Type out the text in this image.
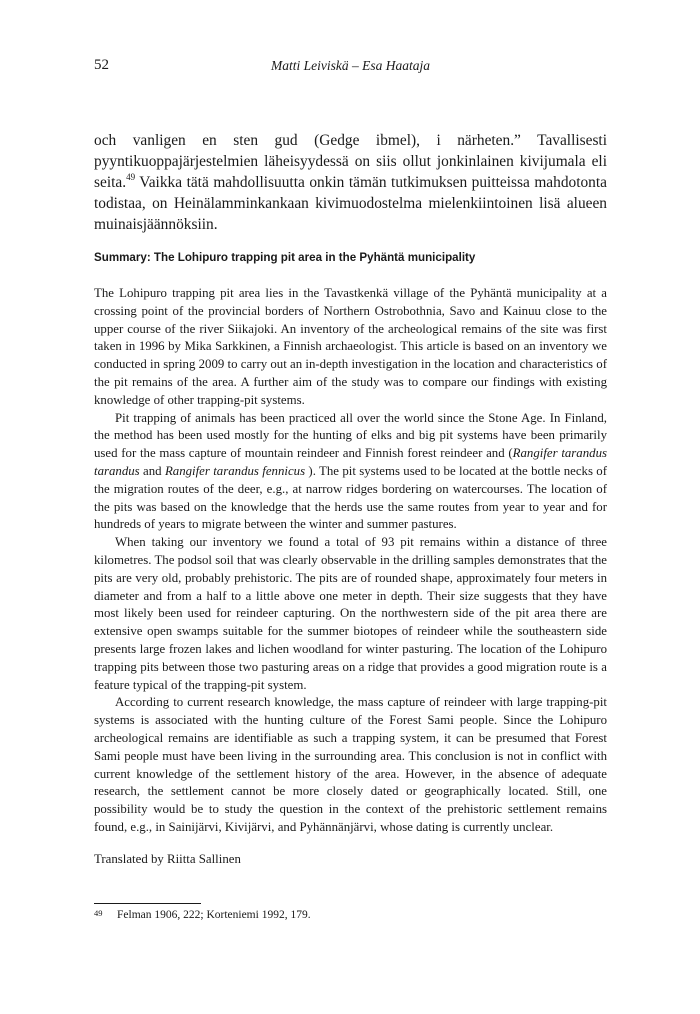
52	Matti Leiviskä – Esa Haataja

och vanligen en sten gud (Gedge ibmel), i närheten.” Tavallisesti pyyntikuoppajärjestelmien läheisyydessä on siis ollut jonkinlainen kivijumala eli seita.$^{49}$ Vaikka tätä mahdollisuutta onkin tämän tutkimuksen puitteissa mahdotonta todistaa, on Heinälamminkankaan kivimuodostelma mielenkiintoinen lisä alueen muinaisjäännöksiin.

Summary: The Lohipuro trapping pit area in the Pyhäntä municipality

The Lohipuro trapping pit area lies in the Tavastkenkä village of the Pyhäntä municipality at a crossing point of the provincial borders of Northern Ostrobothnia, Savo and Kainuu close to the upper course of the river Siikajoki. An inventory of the archeological remains of the site was first taken in 1996 by Mika Sarkkinen, a Finnish archaeologist. This article is based on an inventory we conducted in spring 2009 to carry out an in-depth investigation in the location and characteristics of the pit remains of the area. A further aim of the study was to compare our findings with existing knowledge of other trapping-pit systems.

Pit trapping of animals has been practiced all over the world since the Stone Age. In Finland, the method has been used mostly for the hunting of elks and big pit systems have been primarily used for the mass capture of mountain reindeer and Finnish forest reindeer and (Rangifer tarandus tarandus and Rangifer tarandus fennicus ). The pit systems used to be located at the bottle necks of the migration routes of the deer, e.g., at narrow ridges bordering on watercourses. The location of the pits was based on the knowledge that the herds use the same routes from year to year and for hundreds of years to migrate between the winter and summer pastures.

When taking our inventory we found a total of 93 pit remains within a distance of three kilometres. The podsol soil that was clearly observable in the drilling samples demonstrates that the pits are very old, probably prehistoric. The pits are of rounded shape, approximately four meters in diameter and from a half to a little above one meter in depth. Their size suggests that they have most likely been used for reindeer capturing. On the northwestern side of the pit area there are extensive open swamps suitable for the summer biotopes of reindeer while the southeastern side presents large frozen lakes and lichen woodland for winter pasturing. The location of the Lohipuro trapping pits between those two pasturing areas on a ridge that provides a good migration route is a feature typical of the trapping-pit system.

According to current research knowledge, the mass capture of reindeer with large trapping-pit systems is associated with the hunting culture of the Forest Sami people. Since the Lohipuro archeological remains are identifiable as such a trapping system, it can be presumed that Forest Sami people must have been living in the surrounding area. This conclusion is not in conflict with current knowledge of the settlement history of the area. However, in the absence of adequate research, the settlement cannot be more closely dated or geographically located. Still, one possibility would be to study the question in the context of the prehistoric settlement remains found, e.g., in Sainijärvi, Kivijärvi, and Pyhännänjärvi, whose dating is currently unclear.

Translated by Riitta Sallinen

49 Felman 1906, 222; Korteniemi 1992, 179.
